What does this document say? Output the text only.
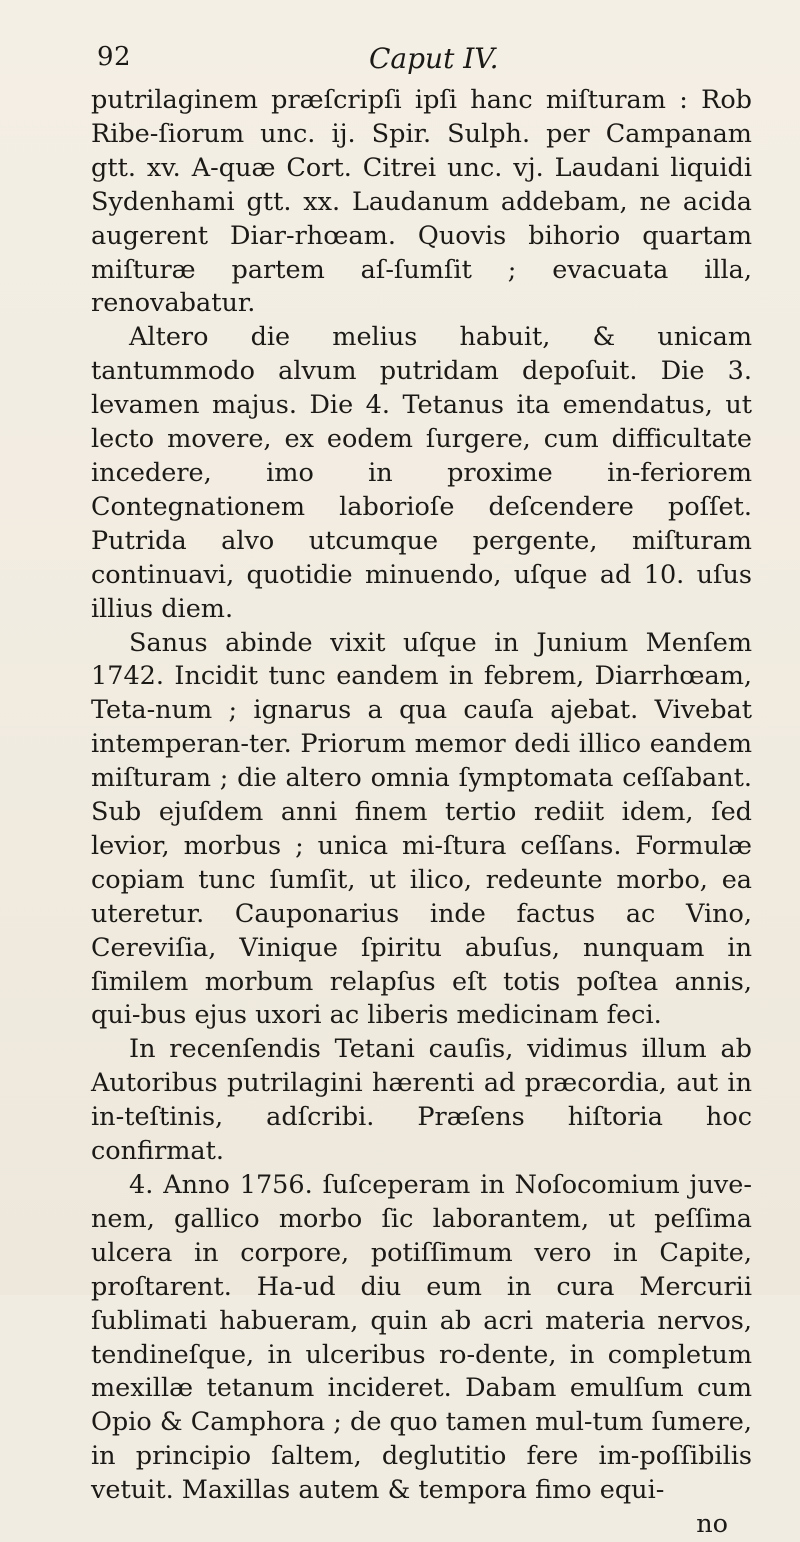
92	Caput IV.

putrilaginem præſcripſi ipſi hanc miſturam : Rob Ribe-ſiorum unc. ij. Spir. Sulph. per Campanam gtt. xv. A-quæ Cort. Citrei unc. vj. Laudani liquidi Sydenhami gtt. xx. Laudanum addebam, ne acida augerent Diar-rhœam. Quovis bihorio quartam miſturæ partem aſ-ſumſit ; evacuata illa, renovabatur.

Altero die melius habuit, & unicam tantummodo alvum putridam depoſuit. Die 3. levamen majus. Die 4. Tetanus ita emendatus, ut lecto movere, ex eodem ſurgere, cum difficultate incedere, imo in proxime in-feriorem Contegnationem laborioſe deſcendere poſſet. Putrida alvo utcumque pergente, miſturam continuavi, quotidie minuendo, uſque ad 10. uſus illius diem.

Sanus abinde vixit uſque in Junium Menſem 1742. Incidit tunc eandem in febrem, Diarrhœam, Teta-num ; ignarus a qua cauſa ajebat. Vivebat intemperan-ter. Priorum memor dedi illico eandem miſturam ; die altero omnia ſymptomata ceſſabant. Sub ejuſdem anni finem tertio rediit idem, ſed levior, morbus ; unica mi-ſtura ceſſans. Formulæ copiam tunc ſumſit, ut ilico, redeunte morbo, ea uteretur. Cauponarius inde factus ac Vino, Cereviſia, Vinique ſpiritu abuſus, nunquam in ſimilem morbum relapſus eſt totis poſtea annis, qui-bus ejus uxori ac liberis medicinam feci.

In recenſendis Tetani cauſis, vidimus illum ab Autoribus putrilagini hærenti ad præcordia, aut in in-teſtinis, adſcribi. Præſens hiſtoria hoc confirmat.

4. Anno 1756. ſuſceperam in Noſocomium juve-nem, gallico morbo ſic laborantem, ut peſſima ulcera in corpore, potiſſimum vero in Capite, proſtarent. Ha-ud diu eum in cura Mercurii ſublimati habueram, quin ab acri materia nervos, tendineſque, in ulceribus ro-dente, in completum mexillæ tetanum incideret. Dabam emulſum cum Opio & Camphora ; de quo tamen mul-tum ſumere, in principio ſaltem, deglutitio fere im-poſſibilis vetuit. Maxillas autem & tempora fimo equi-

no
